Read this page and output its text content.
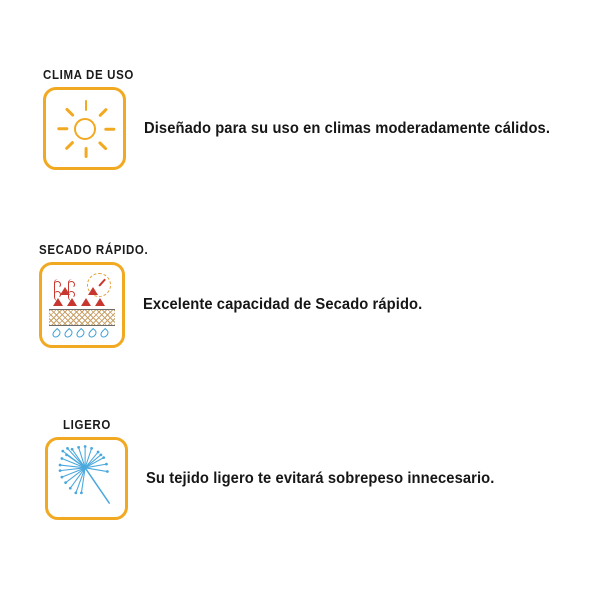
CLIMA DE USO
Diseñado para su uso en climas moderadamente cálidos.
SECADO RÁPIDO.
Excelente capacidad de Secado rápido.
LIGERO
Su tejido ligero te evitará sobrepeso innecesario.
